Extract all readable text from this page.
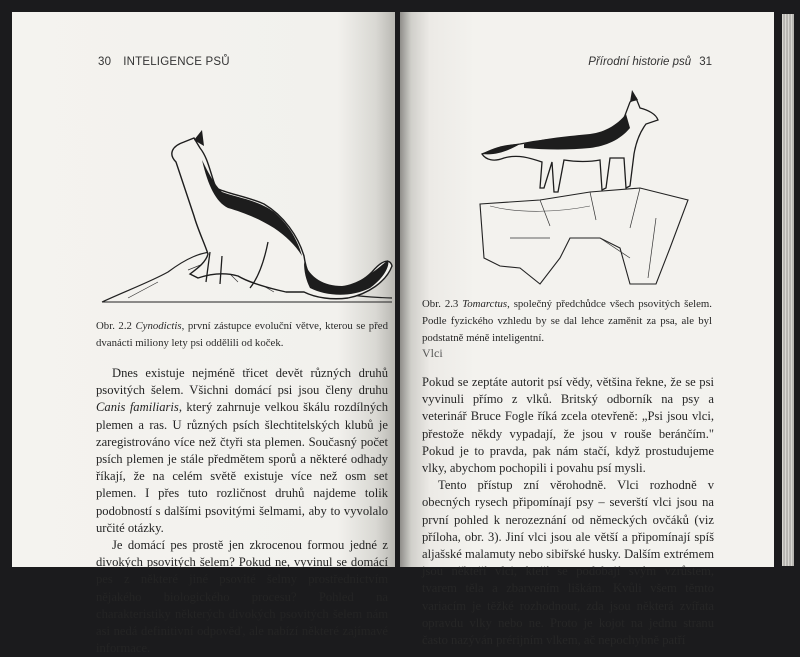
30 INTELIGENCE PSŮ
Obr. 2.2 Cynodictis, první zástupce evoluční větve, kterou se před dvanácti miliony lety psi oddělili od koček.

Dnes existuje nejméně třicet devět různých druhů psovitých šelem. Všichni domácí psi jsou členy druhu Canis familiaris, který zahrnuje velkou škálu rozdílných plemen a ras. U různých psích šlechtitelských klubů je zaregistrováno více než čtyři sta plemen. Současný počet psích plemen je stále předmětem sporů a některé odhady říkají, že na celém světě existuje více než osm set plemen. I přes tuto rozličnost druhů najdeme tolik podobností s dalšími psovitými šelmami, aby to vyvolalo určité otázky.

Je domácí pes prostě jen zkrocenou formou jedné z divokých psovitých šelem? Pokud ne, vyvinul se domácí pes z některé jiné psovité šelmy prostřednictvím nějakého biologického procesu? Pohled na charakteristiky některých divokých psovitých šelem nám asi nedá definitivní odpověď, ale nabízí některé zajímavé informace.

Přírodní historie psů 31
Obr. 2.3 Tomarctus, společný předchůdce všech psovitých šelem. Podle fyzického vzhledu by se dal lehce zaměnit za psa, ale byl podstatně méně inteligentní.
Vlci

Pokud se zeptáte autorit psí vědy, většina řekne, že se psi vyvinuli přímo z vlků. Britský odborník na psy a veterinář Bruce Fogle říká zcela otevřeně: „Psi jsou vlci, přestože někdy vypadají, že jsou v rouše beránčím." Pokud je to pravda, pak nám stačí, když prostudujeme vlky, abychom pochopili i povahu psí mysli.

Tento přístup zní věrohodně. Vlci rozhodně v obecných rysech připomínají psy – severští vlci jsou na první pohled k nerozeznání od německých ovčáků (viz příloha, obr. 3). Jiní vlci jsou ale větší a připomínají spíš aljašské malamuty nebo sibiřské husky. Dalším extrémem jsou někteří vlci, kteří se podobají svým vzrůstem, tvarem těla a zbarvením liškám. Kvůli všem těmto variacím je těžké rozhodnout, zda jsou některá zvířata opravdu vlky nebo ne. Proto je kojot na jednu stranu často nazýván prérijním vlkem, ač nepochybně patří
